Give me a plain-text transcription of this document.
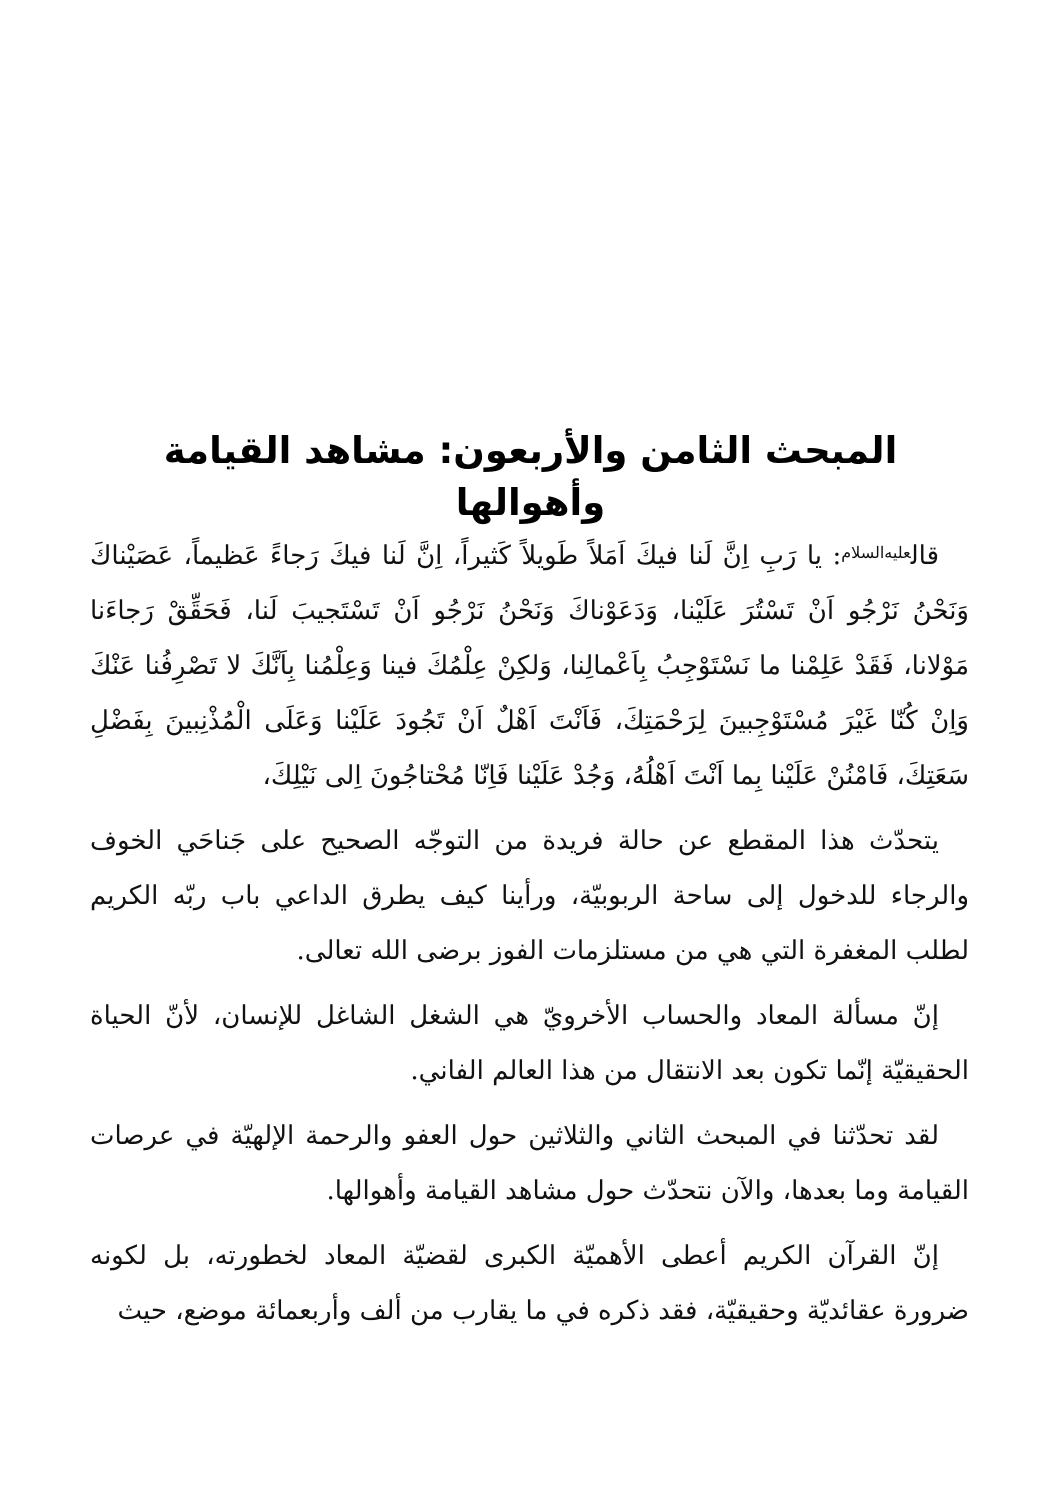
المبحث الثامن والأربعون: مشاهد القيامة وأهوالها

قال$^{عليه‌السلام}$: يا رَبِ اِنَّ لَنا فيكَ اَمَلاً طَويلاً كَثيراً، اِنَّ لَنا فيكَ رَجاءً عَظيماً، عَصَيْناكَ وَنَحْنُ نَرْجُو اَنْ تَسْتُرَ عَلَيْنا، وَدَعَوْناكَ وَنَحْنُ نَرْجُو اَنْ تَسْتَجيبَ لَنا، فَحَقِّقْ رَجاءَنا مَوْلانا، فَقَدْ عَلِمْنا ما نَسْتَوْجِبُ بِاَعْمالِنا، وَلكِنْ عِلْمُكَ فينا وَعِلْمُنا بِاَنَّكَ لا تَصْرِفُنا عَنْكَ وَاِنْ كُنّا غَيْرَ مُسْتَوْجِبينَ لِرَحْمَتِكَ، فَاَنْتَ اَهْلٌ اَنْ تَجُودَ عَلَيْنا وَعَلَى الْمُذْنِبينَ بِفَضْلِ سَعَتِكَ، فَامْنُنْ عَلَيْنا بِما اَنْتَ اَهْلُهُ، وَجُدْ عَلَيْنا فَاِنّا مُحْتاجُونَ اِلى نَيْلِكَ،

يتحدّث هذا المقطع عن حالة فريدة من التوجّه الصحيح على جَناحَي الخوف والرجاء للدخول إلى ساحة الربوبيّة، ورأينا كيف يطرق الداعي باب ربّه الكريم لطلب المغفرة التي هي من مستلزمات الفوز برضى الله تعالى.

إنّ مسألة المعاد والحساب الأخرويّ هي الشغل الشاغل للإنسان، لأنّ الحياة الحقيقيّة إنّما تكون بعد الانتقال من هذا العالم الفاني.

لقد تحدّثنا في المبحث الثاني والثلاثين حول العفو والرحمة الإلهيّة في عرصات القيامة وما بعدها، والآن نتحدّث حول مشاهد القيامة وأهوالها.

إنّ القرآن الكريم أعطى الأهميّة الكبرى لقضيّة المعاد لخطورته، بل لكونه ضرورة عقائديّة وحقيقيّة، فقد ذكره في ما يقارب من ألف وأربعمائة موضع، حيث
